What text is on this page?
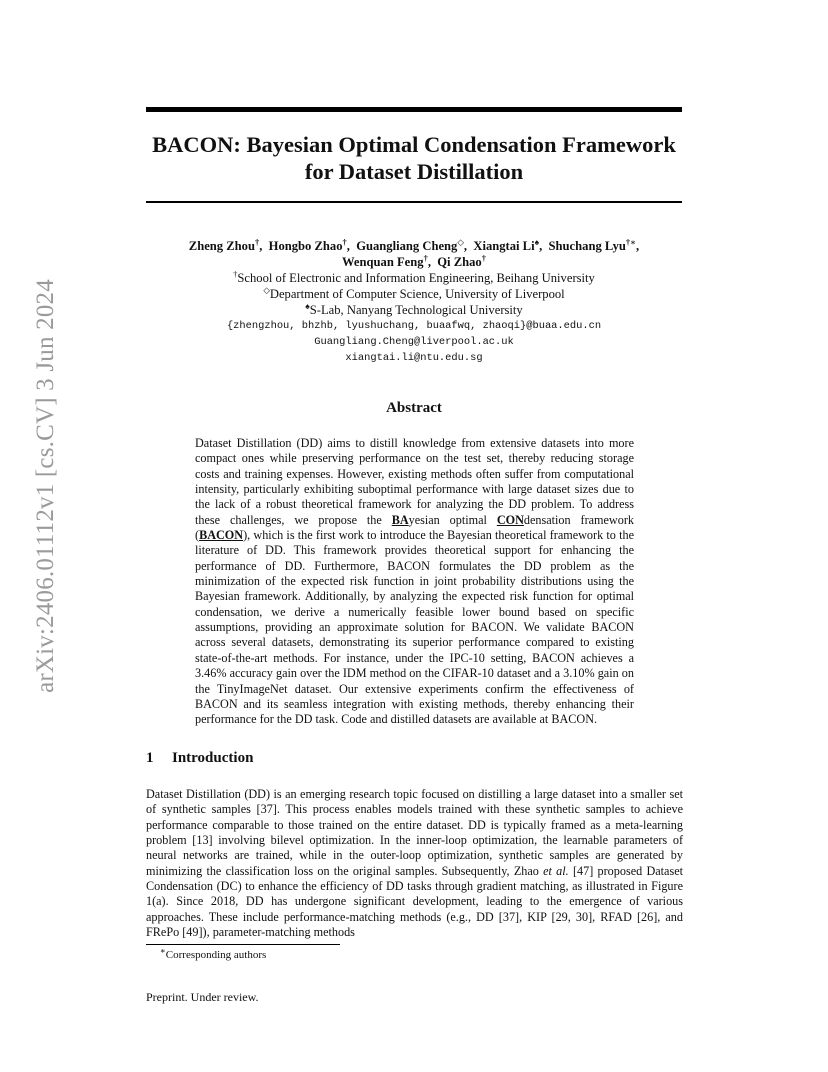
arXiv:2406.01112v1 [cs.CV] 3 Jun 2024
BACON: Bayesian Optimal Condensation Framework
for Dataset Distillation
Zheng Zhou†,  Hongbo Zhao†,  Guangliang Cheng◇,  Xiangtai Li♠,  Shuchang Lyu†∗,
Wenquan Feng†,  Qi Zhao†
†School of Electronic and Information Engineering, Beihang University
◇Department of Computer Science, University of Liverpool
♠S-Lab, Nanyang Technological University
{zhengzhou, bhzhb, lyushuchang, buaafwq, zhaoqi}@buaa.edu.cn
Guangliang.Cheng@liverpool.ac.uk
xiangtai.li@ntu.edu.sg
Abstract
Dataset Distillation (DD) aims to distill knowledge from extensive datasets into more compact ones while preserving performance on the test set, thereby reducing storage costs and training expenses. However, existing methods often suffer from computational intensity, particularly exhibiting suboptimal performance with large dataset sizes due to the lack of a robust theoretical framework for analyzing the DD problem. To address these challenges, we propose the BAyesian optimal CONdensation framework (BACON), which is the first work to introduce the Bayesian theoretical framework to the literature of DD. This framework provides theoretical support for enhancing the performance of DD. Furthermore, BACON formulates the DD problem as the minimization of the expected risk function in joint probability distributions using the Bayesian framework. Additionally, by analyzing the expected risk function for optimal condensation, we derive a numerically feasible lower bound based on specific assumptions, providing an approximate solution for BACON. We validate BACON across several datasets, demonstrating its superior performance compared to existing state-of-the-art methods. For instance, under the IPC-10 setting, BACON achieves a 3.46% accuracy gain over the IDM method on the CIFAR-10 dataset and a 3.10% gain on the TinyImageNet dataset. Our extensive experiments confirm the effectiveness of BACON and its seamless integration with existing methods, thereby enhancing their performance for the DD task. Code and distilled datasets are available at BACON.
1 Introduction
Dataset Distillation (DD) is an emerging research topic focused on distilling a large dataset into a smaller set of synthetic samples [37]. This process enables models trained with these synthetic samples to achieve performance comparable to those trained on the entire dataset. DD is typically framed as a meta-learning problem [13] involving bilevel optimization. In the inner-loop optimization, the learnable parameters of neural networks are trained, while in the outer-loop optimization, synthetic samples are generated by minimizing the classification loss on the original samples. Subsequently, Zhao et al. [47] proposed Dataset Condensation (DC) to enhance the efficiency of DD tasks through gradient matching, as illustrated in Figure 1(a). Since 2018, DD has undergone significant development, leading to the emergence of various approaches. These include performance-matching methods (e.g., DD [37], KIP [29, 30], RFAD [26], and FRePo [49]), parameter-matching methods
∗Corresponding authors
Preprint. Under review.
